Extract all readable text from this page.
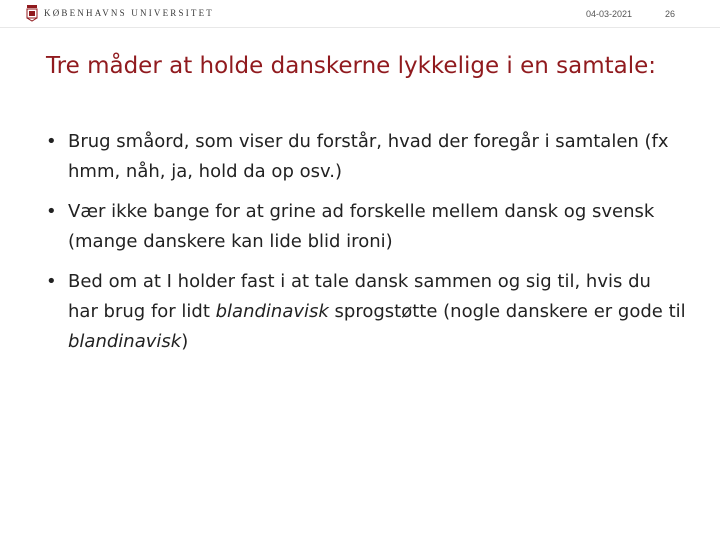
KØBENHAVNS UNIVERSITET	04-03-2021	26
Tre måder at holde danskerne lykkelige i en samtale:
• Brug småord, som viser du forstår, hvad der foregår i samtalen (fx hmm, nåh, ja, hold da op osv.)
• Vær ikke bange for at grine ad forskelle mellem dansk og svensk (mange danskere kan lide blid ironi)
• Bed om at I holder fast i at tale dansk sammen og sig til, hvis du har brug for lidt blandinavisk sprogstøtte (nogle danskere er gode til blandinavisk)
